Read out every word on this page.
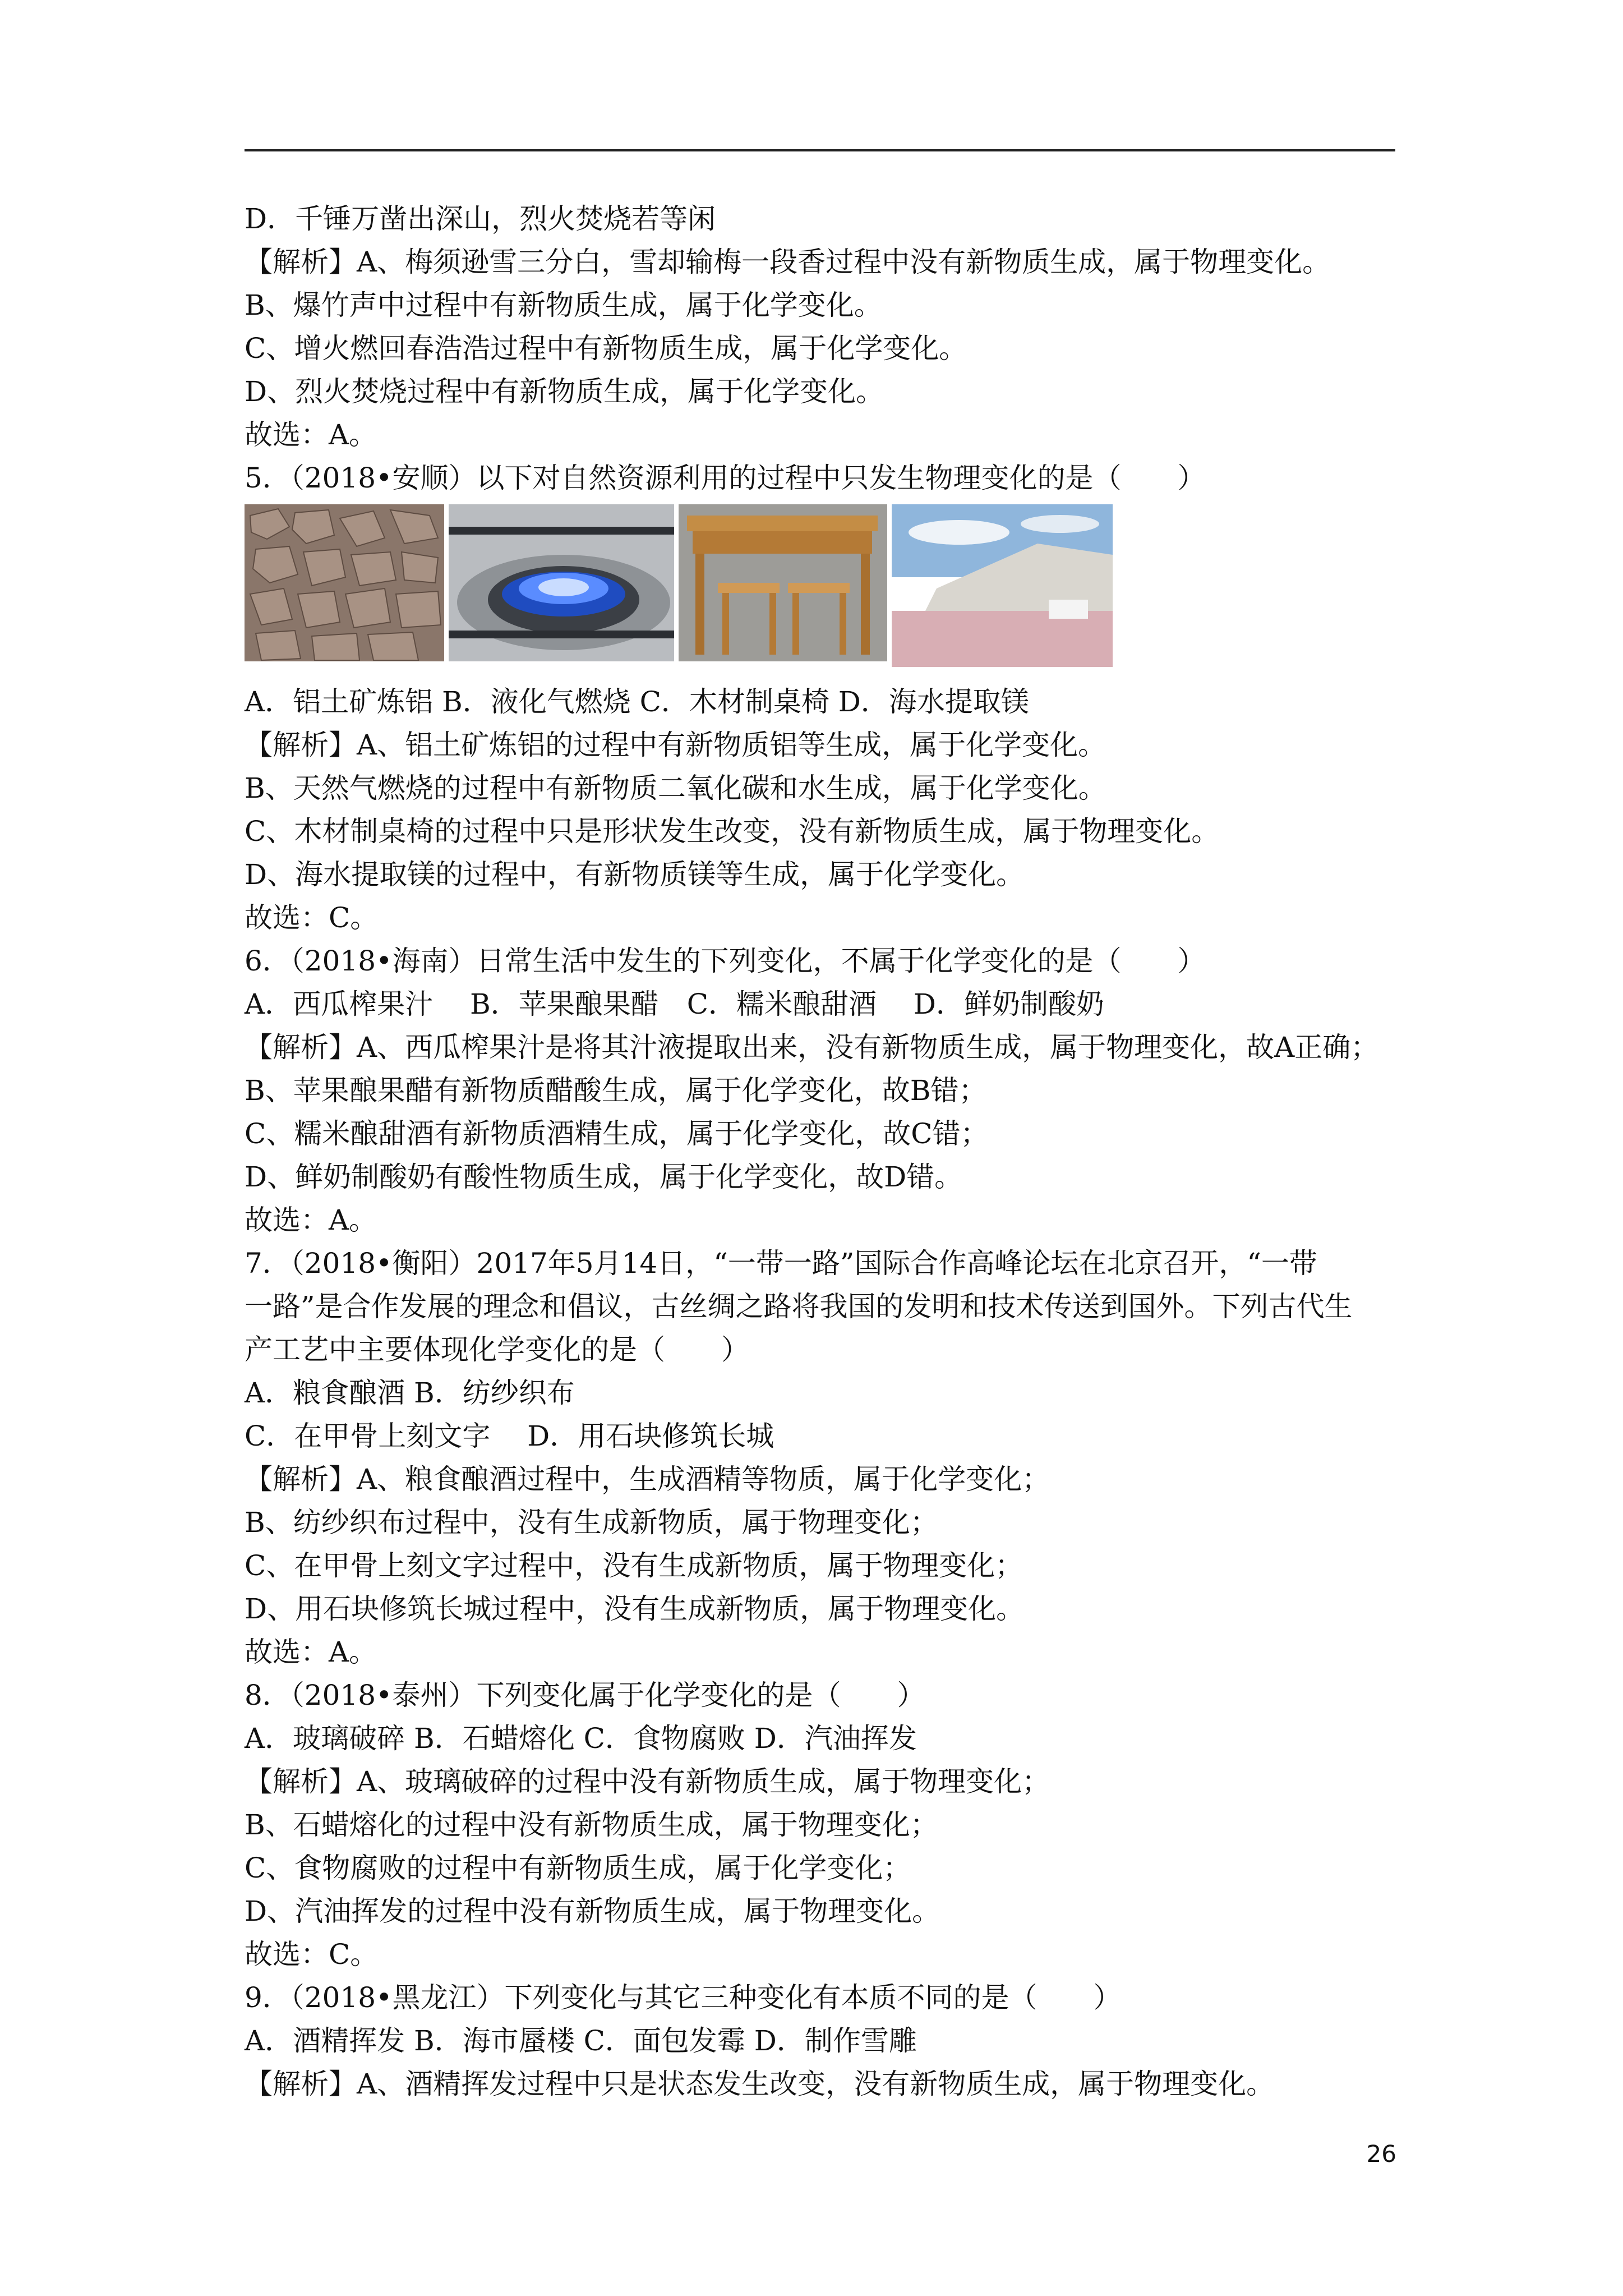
D．千锤万凿出深山，烈火焚烧若等闲
【解析】A、梅须逊雪三分白，雪却输梅一段香过程中没有新物质生成，属于物理变化。
B、爆竹声中过程中有新物质生成，属于化学变化。
C、增火燃回春浩浩过程中有新物质生成，属于化学变化。
D、烈火焚烧过程中有新物质生成，属于化学变化。
故选：A。
5．（2018•安顺）以下对自然资源利用的过程中只发生物理变化的是（　　）
A．铝土矿炼铝 B．液化气燃烧 C．木材制桌椅 D．海水提取镁
【解析】A、铝土矿炼铝的过程中有新物质铝等生成，属于化学变化。
B、天然气燃烧的过程中有新物质二氧化碳和水生成，属于化学变化。
C、木材制桌椅的过程中只是形状发生改变，没有新物质生成，属于物理变化。
D、海水提取镁的过程中，有新物质镁等生成，属于化学变化。
故选：C。
6．（2018•海南）日常生活中发生的下列变化，不属于化学变化的是（　　）
A．西瓜榨果汁　 B．苹果酿果醋　C．糯米酿甜酒　 D．鲜奶制酸奶
【解析】A、西瓜榨果汁是将其汁液提取出来，没有新物质生成，属于物理变化，故A正确；
B、苹果酿果醋有新物质醋酸生成，属于化学变化，故B错；
C、糯米酿甜酒有新物质酒精生成，属于化学变化，故C错；
D、鲜奶制酸奶有酸性物质生成，属于化学变化，故D错。
故选：A。
7．（2018•衡阳）2017年5月14日，“一带一路”国际合作高峰论坛在北京召开，“一带
一路”是合作发展的理念和倡议，古丝绸之路将我国的发明和技术传送到国外。下列古代生
产工艺中主要体现化学变化的是（　　）
A．粮食酿酒 B．纺纱织布
C．在甲骨上刻文字　 D．用石块修筑长城
【解析】A、粮食酿酒过程中，生成酒精等物质，属于化学变化；
B、纺纱织布过程中，没有生成新物质，属于物理变化；
C、在甲骨上刻文字过程中，没有生成新物质，属于物理变化；
D、用石块修筑长城过程中，没有生成新物质，属于物理变化。
故选：A。
8．（2018•泰州）下列变化属于化学变化的是（　　）
A．玻璃破碎 B．石蜡熔化 C．食物腐败 D．汽油挥发
【解析】A、玻璃破碎的过程中没有新物质生成，属于物理变化；
B、石蜡熔化的过程中没有新物质生成，属于物理变化；
C、食物腐败的过程中有新物质生成，属于化学变化；
D、汽油挥发的过程中没有新物质生成，属于物理变化。
故选：C。
9．（2018•黑龙江）下列变化与其它三种变化有本质不同的是（　　）
A．酒精挥发 B．海市蜃楼 C．面包发霉 D．制作雪雕
【解析】A、酒精挥发过程中只是状态发生改变，没有新物质生成，属于物理变化。
26
